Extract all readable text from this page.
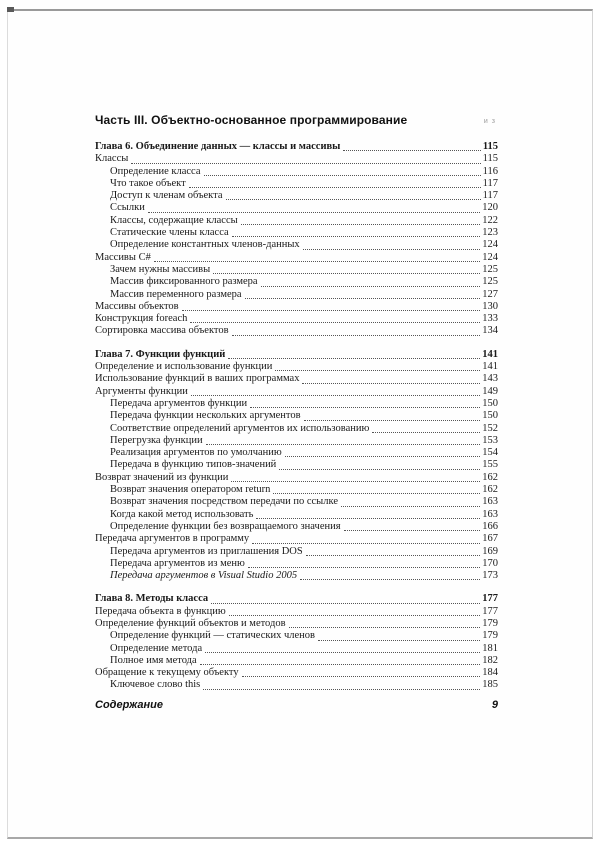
Часть III. Объектно-основанное программирование	и з
Глава 6. Объединение данных — классы и массивы	115
Классы	115
Определение класса	116
Что такое объект	117
Доступ к членам объекта	117
Ссылки	120
Классы, содержащие классы	122
Статические члены класса	123
Определение константных членов-данных	124
Массивы C#	124
Зачем нужны массивы	125
Массив фиксированного размера	125
Массив переменного размера	127
Массивы объектов	130
Конструкция foreach	133
Сортировка массива объектов	134
Глава 7. Функции функций	141
Определение и использование функции	141
Использование функций в ваших программах	143
Аргументы функции	149
Передача аргументов функции	150
Передача функции нескольких аргументов	150
Соответствие определений аргументов их использованию	152
Перегрузка функции	153
Реализация аргументов по умолчанию	154
Передача в функцию типов-значений	155
Возврат значений из функции	162
Возврат значения оператором return	162
Возврат значения посредством передачи по ссылке	163
Когда какой метод использовать	163
Определение функции без возвращаемого значения	166
Передача аргументов в программу	167
Передача аргументов из приглашения DOS	169
Передача аргументов из меню	170
Передача аргументов в Visual Studio 2005	173
Глава 8. Методы класса	177
Передача объекта в функцию	177
Определение функций объектов и методов	179
Определение функций — статических членов	179
Определение метода	181
Полное имя метода	182
Обращение к текущему объекту	184
Ключевое слово this	185
Содержание	9
